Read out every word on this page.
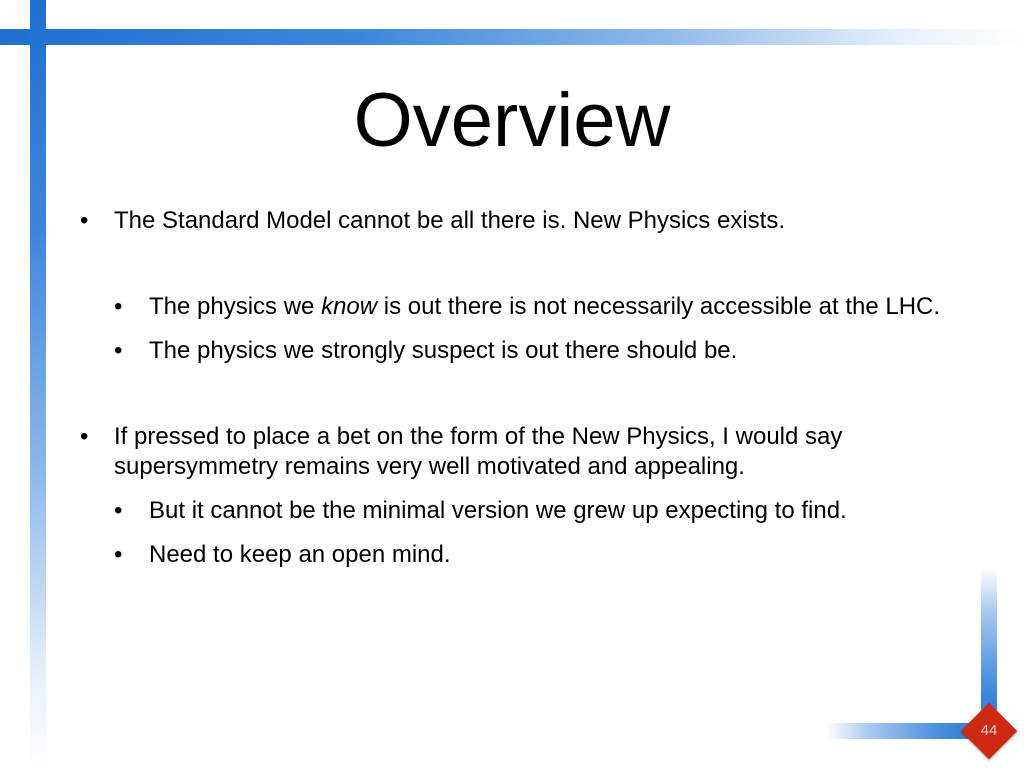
Overview
• The Standard Model cannot be all there is. New Physics exists.
• The physics we know is out there is not necessarily accessible at the LHC.
• The physics we strongly suspect is out there should be.
• If pressed to place a bet on the form of the New Physics, I would say supersymmetry remains very well motivated and appealing.
• But it cannot be the minimal version we grew up expecting to find.
• Need to keep an open mind.
44
